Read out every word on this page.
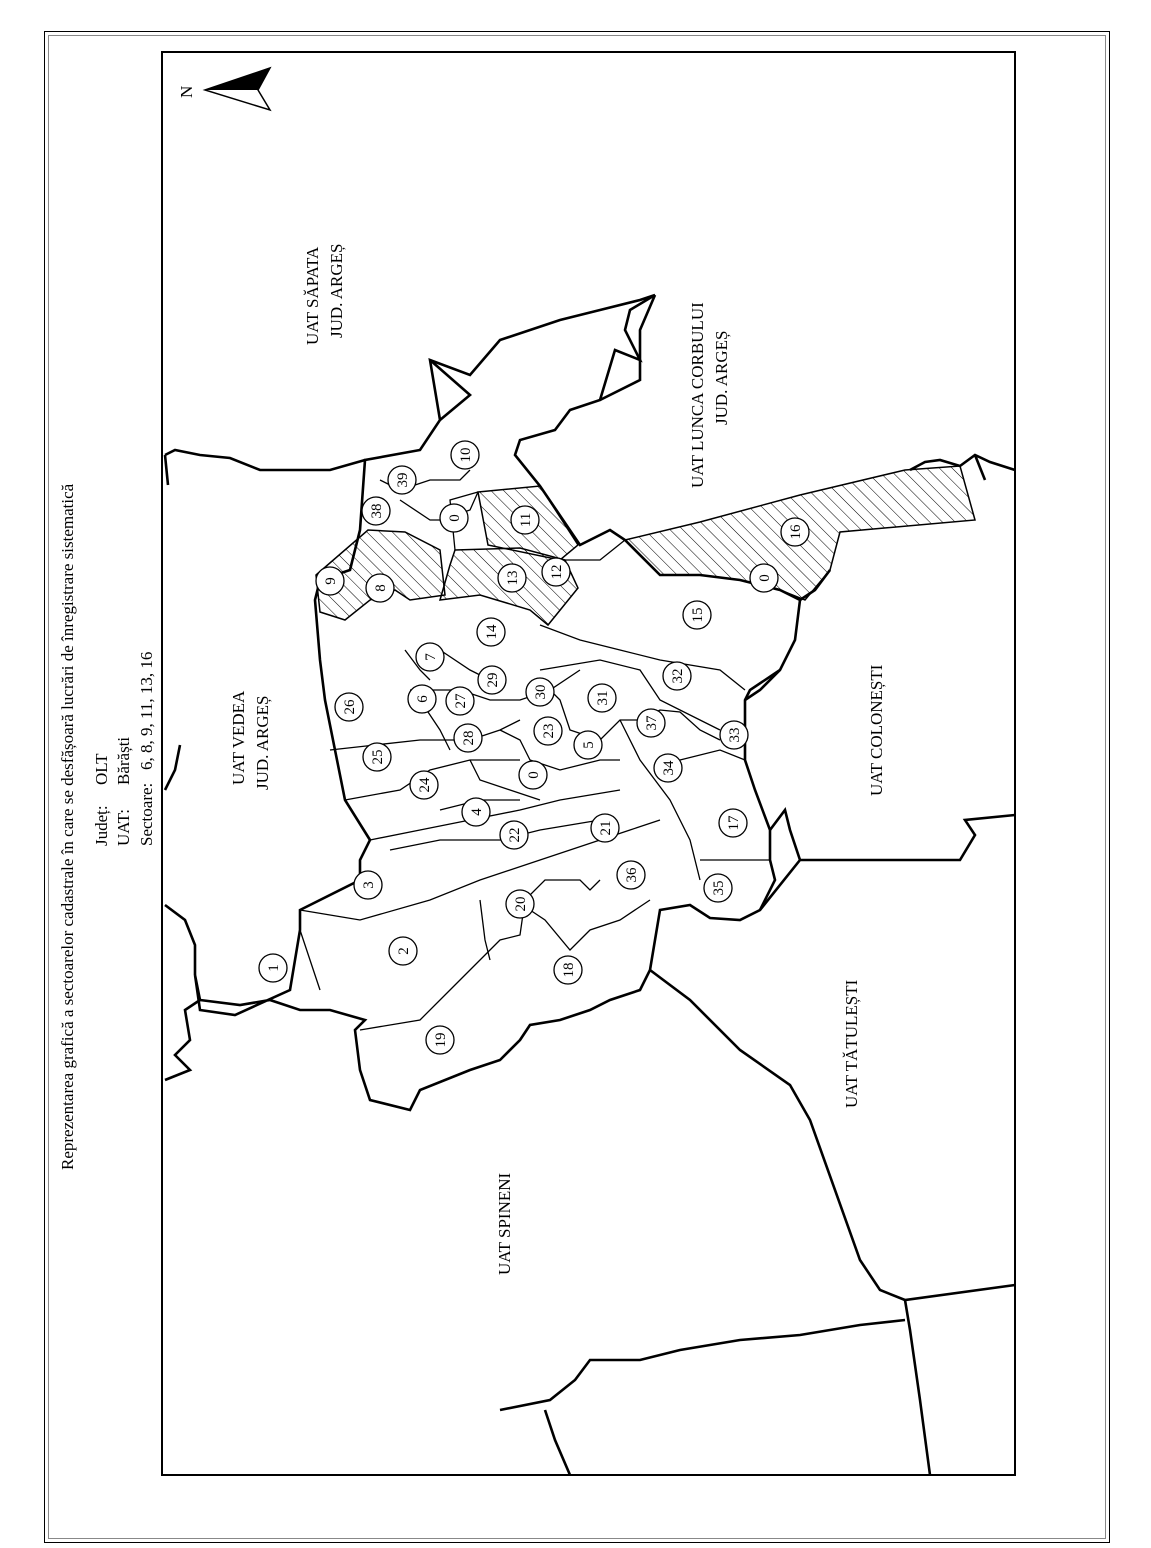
Reprezentarea grafică a sectoarelor cadastrale în care se desfășoară lucrări de înregistrare sistematică Județ:
OLT
UAT:
Bărăști
Sectoare:
6, 8, 9, 11, 13, 16
N
UAT SĂPATA JUD. ARGEȘ
UAT LUNCA CORBULUI JUD. ARGEȘ
UAT VEDEA JUD. ARGEȘ	UAT COLONEȘTI
UAT TĂTULEȘTI
UAT SPINENI
1
2
3
4
5
6
7
8
9
10
11
12
13
14
15
16
17
18
19
20
21
22
23
24
25
26	27
28
29
30	31
32
33
34
35
36
37
38
39
0
0
0
